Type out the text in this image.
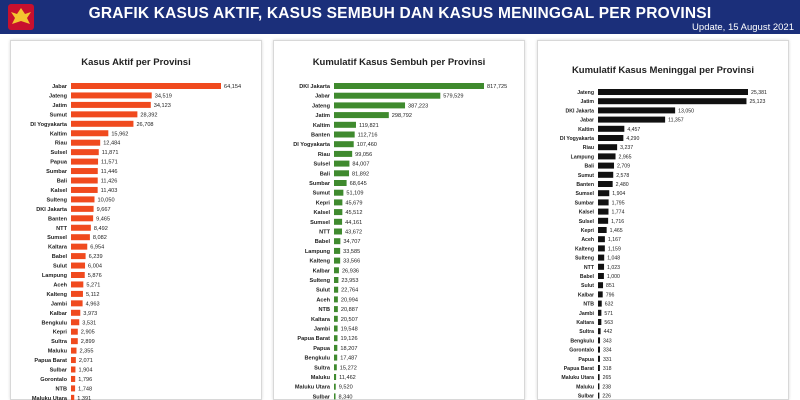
GRAFIK KASUS AKTIF, KASUS SEMBUH DAN KASUS MENINGGAL PER PROVINSI
Update, 15 August 2021
Kasus Aktif per Provinsi
Jabar	64,154
Jateng	34,519
Jatim	34,123
Sumut	28,392
DI Yogyakarta	26,708
Kaltim	15,962
Riau	12,484
Sulsel	11,871
Papua	11,571
Sumbar	11,446
Bali	11,426
Kalsel	11,403
Sulteng	10,050
DKI Jakarta	9,667
Banten	9,465
NTT	8,492
Sumsel	8,082
Kaltara	6,954
Babel	6,239
Sulut	6,004
Lampung	5,876
Aceh	5,271
Kalteng	5,112
Jambi	4,963
Kalbar	3,973
Bengkulu	3,531
Kepri 2,905
Sultra 2,899
Maluku 2,355
Papua Barat 2,071
Sulbar 1,904
Gorontalo 1,796
NTB 1,748
Maluku Utara 1,391
Kumulatif Kasus Sembuh per Provinsi
DKI Jakarta	817,725
Jabar	579,529
Jateng	387,223
Jatim	298,792
Kaltim	119,821
Banten	112,716
DI Yogyakarta	107,460
Riau	99,056
Sulsel	84,007
Bali	81,892
Sumbar	68,645
Sumut	51,109
Kepri	45,679
Kalsel	45,512
Sumsel	44,161
NTT	43,672
Babel 34,707
Lampung 33,585
Kalteng 33,566
Kalbar 26,936
Sulteng 23,953
Sulut 22,764
Aceh 20,994
NTB 20,887
Kaltara 20,507
Jambi 19,548
Papua Barat 19,126
Papua 18,207
Bengkulu 17,487
Sultra 15,272
Maluku 11,462
Maluku Utara 9,520
Sulbar 8,340
Kumulatif Kasus Meninggal per Provinsi
Jateng	25,381
Jatim	25,123
DKI Jakarta	13,050
Jabar	11,357
Kaltim	4,457
DI Yogyakarta	4,290
Riau	3,237
Lampung	2,965
Bali	2,709
Sumut	2,578
Banten	2,480
Sumsel	1,904
Sumbar	1,795
Kalsel	1,774
Sulsel	1,716
Kepri	1,465
Aceh	1,167
Kalteng	1,159
Sulteng	1,048
NTT	1,023
Babel 1,000
Sulut 851
Kalbar 796
NTB 632
Jambi 571
Kaltara 563
Sultra 442
Bengkulu 343
Gorontalo 334
Papua 331
Papua Barat 318
Maluku Utara 265
Maluku 238
Sulbar 226
